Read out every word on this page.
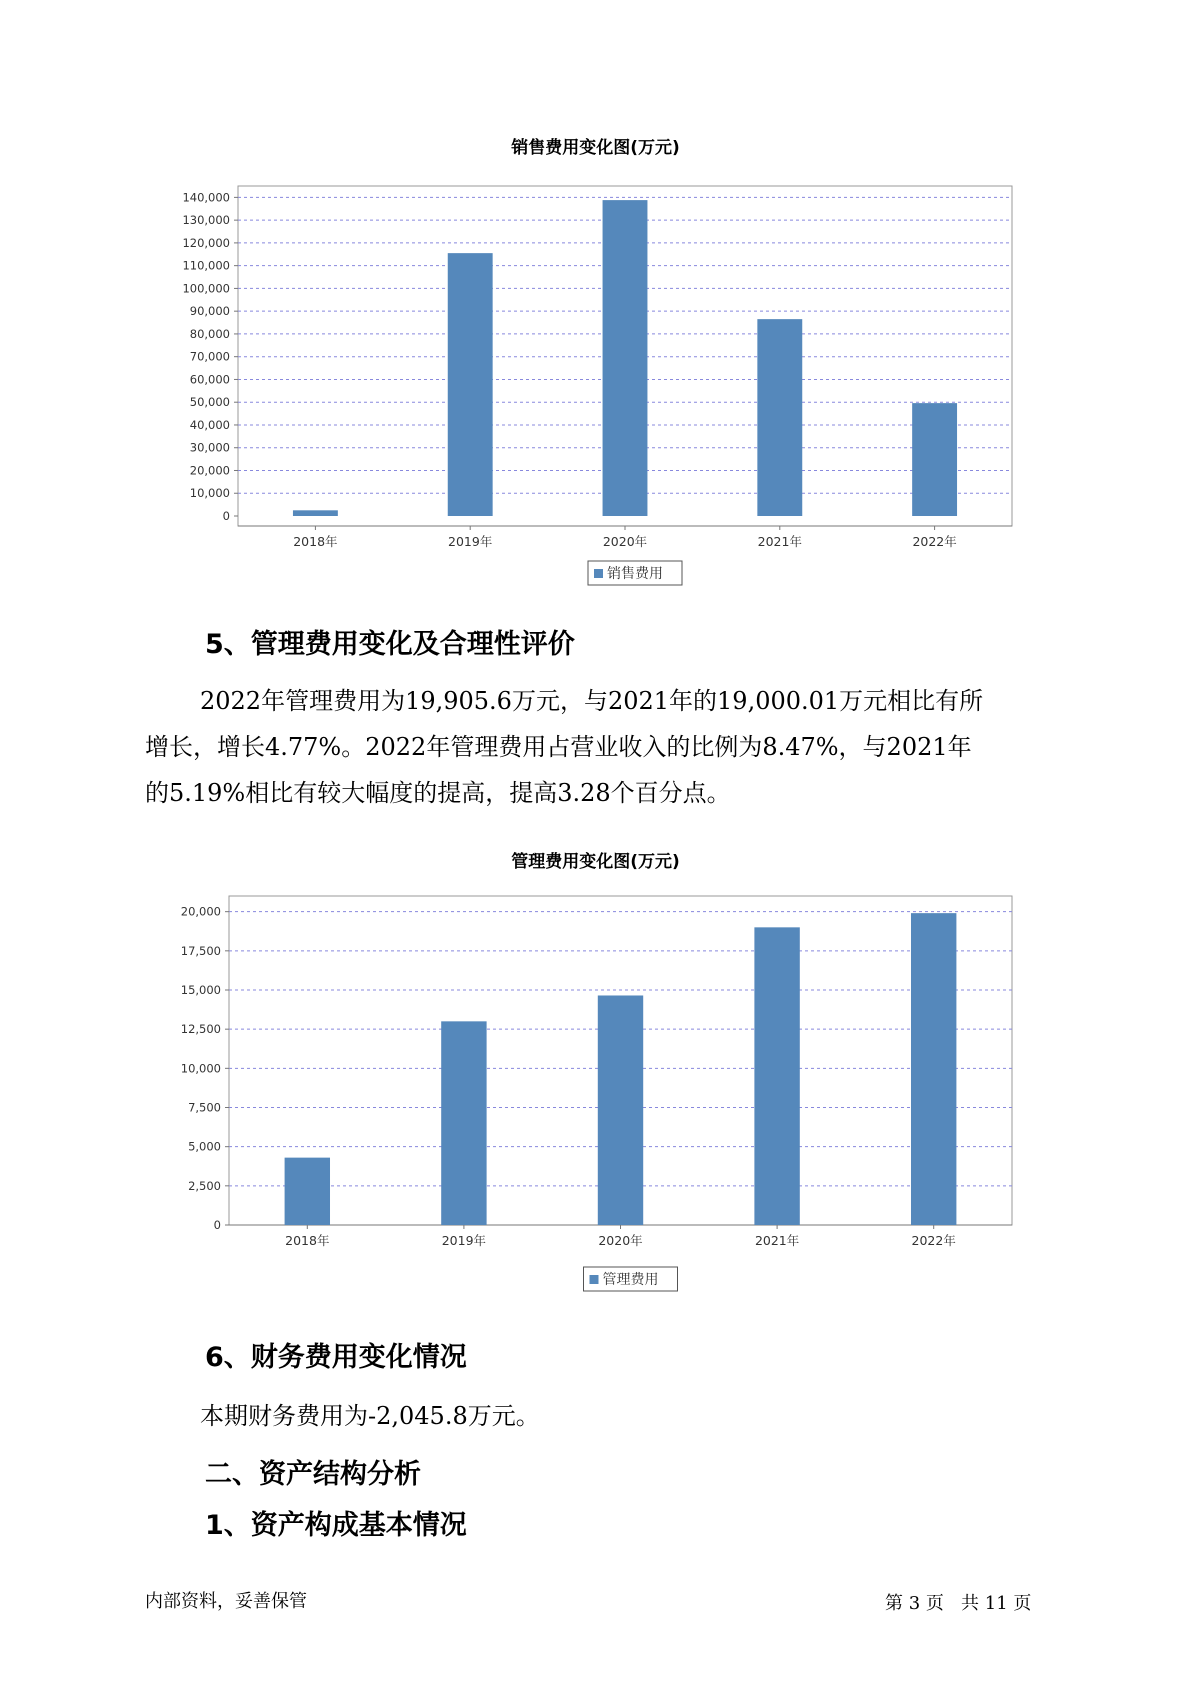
销售费用变化图(万元)
0
10,000
20,000
30,000
40,000
50,000
60,000
70,000
80,000
90,000
100,000
110,000
120,000
130,000
140,000
2018年	2019年	2020年	2021年	2022年
销售费用
5、管理费用变化及合理性评价
2022年管理费用为19,905.6万元，与2021年的19,000.01万元相比有所
增长，增长4.77%。2022年管理费用占营业收入的比例为8.47%，与2021年
的5.19%相比有较大幅度的提高，提高3.28个百分点。
管理费用变化图(万元)
0
2,500
5,000
7,500
10,000
12,500
15,000
17,500
20,000
2018年	2019年	2020年	2021年	2022年
管理费用
6、财务费用变化情况
本期财务费用为-2,045.8万元。
二、资产结构分析
1、资产构成基本情况
内部资料，妥善保管	第 3 页   共 11 页
